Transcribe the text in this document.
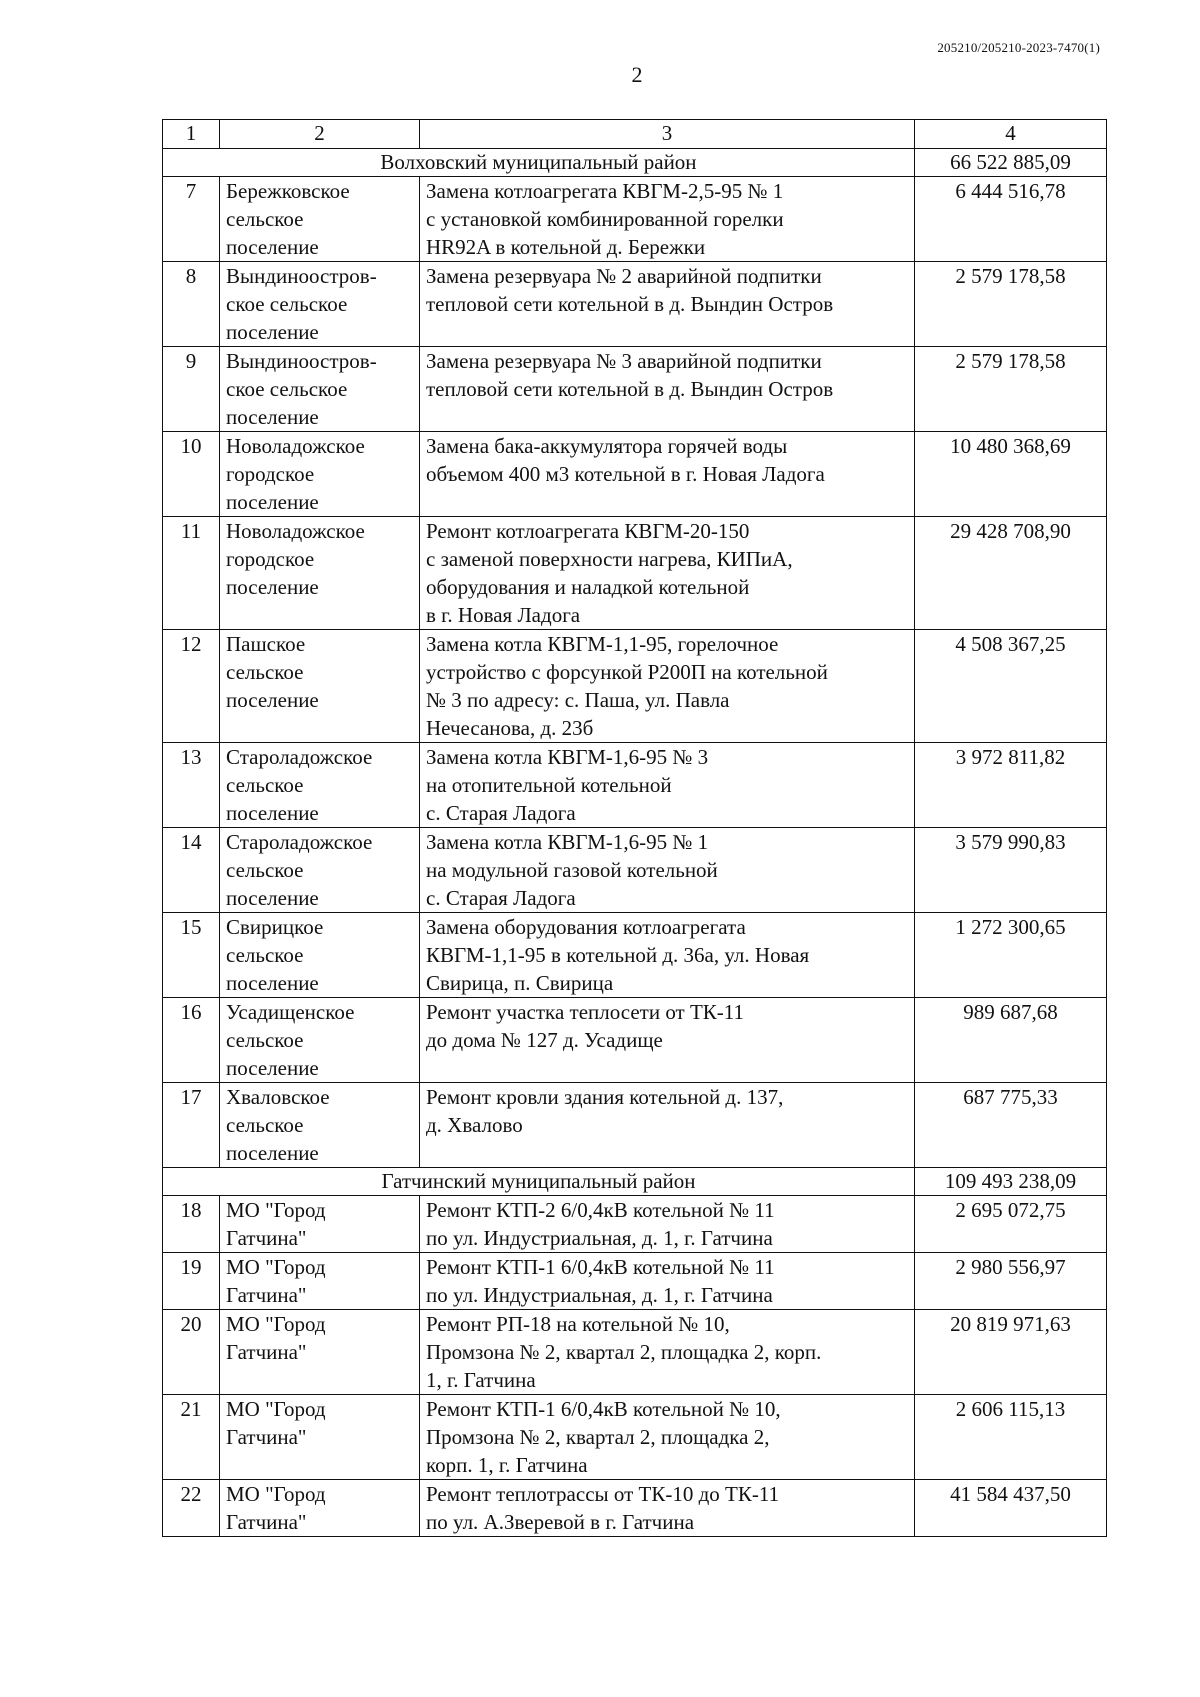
205210/205210-2023-7470(1)
2
1	2	3	4
Волховский муниципальный район			66 522 885,09
7	Бережковское
сельское
поселение	Замена котлоагрегата КВГМ-2,5-95 № 1
с установкой комбинированной горелки
HR92A в котельной д. Бережки	6 444 516,78
8	Вындиноостров-
ское сельское
поселение	Замена резервуара № 2 аварийной подпитки
тепловой сети котельной в д. Вындин Остров	2 579 178,58
9	Вындиноостров-
ское сельское
поселение	Замена резервуара № 3 аварийной подпитки
тепловой сети котельной в д. Вындин Остров	2 579 178,58
10	Новоладожское
городское
поселение	Замена бака-аккумулятора горячей воды
объемом 400 м3 котельной в г. Новая Ладога	10 480 368,69
11	Новоладожское
городское
поселение	Ремонт котлоагрегата КВГМ-20-150
с заменой поверхности нагрева, КИПиА,
оборудования и наладкой котельной
в г. Новая Ладога	29 428 708,90
12	Пашское
сельское
поселение	Замена котла КВГМ-1,1-95, горелочное
устройство с форсункой Р200П на котельной
№ 3 по адресу: с. Паша, ул. Павла
Нечесанова, д. 23б	4 508 367,25
13	Староладожское
сельское
поселение	Замена котла КВГМ-1,6-95 № 3
на отопительной котельной
с. Старая Ладога	3 972 811,82
14	Староладожское
сельское
поселение	Замена котла КВГМ-1,6-95 № 1
на модульной газовой котельной
с. Старая Ладога	3 579 990,83
15	Свирицкое
сельское
поселение	Замена оборудования котлоагрегата
КВГМ-1,1-95 в котельной д. 36а, ул. Новая
Свирица, п. Свирица	1 272 300,65
16	Усадищенское
сельское
поселение	Ремонт участка теплосети от ТК-11
до дома № 127 д. Усадище	989 687,68
17	Хваловское
сельское
поселение	Ремонт кровли здания котельной д. 137,
д. Хвалово	687 775,33
Гатчинский муниципальный район			109 493 238,09
18	МО "Город
Гатчина"	Ремонт КТП-2 6/0,4кВ котельной № 11
по ул. Индустриальная, д. 1, г. Гатчина	2 695 072,75
19	МО "Город
Гатчина"	Ремонт КТП-1 6/0,4кВ котельной № 11
по ул. Индустриальная, д. 1, г. Гатчина	2 980 556,97
20	МО "Город
Гатчина"	Ремонт РП-18 на котельной № 10,
Промзона № 2, квартал 2, площадка 2, корп.
1, г. Гатчина	20 819 971,63
21	МО "Город
Гатчина"	Ремонт КТП-1 6/0,4кВ котельной № 10,
Промзона № 2, квартал 2, площадка 2,
корп. 1, г. Гатчина	2 606 115,13
22	МО "Город
Гатчина"	Ремонт теплотрассы от ТК-10 до ТК-11
по ул. А.Зверевой в г. Гатчина	41 584 437,50
